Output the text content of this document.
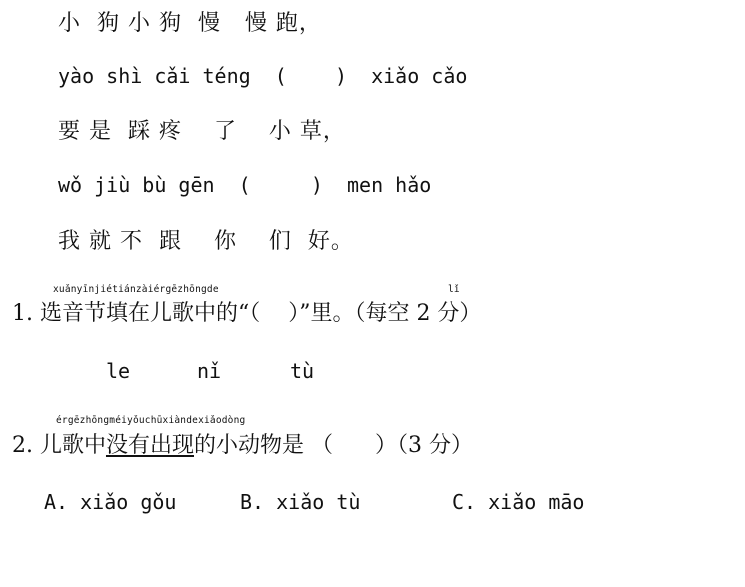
小  狗 小 狗  慢   慢 跑，
yào shì cǎi téng  (    )  xiǎo cǎo
要 是  踩 疼    了    小 草，
wǒ jiù bù gēn  (     )  men hǎo
我 就 不  跟    你    们  好。
xuǎnyīnjiétiánzàiérgēzhōngde	lǐ
1. 选音节填在儿歌中的“（    ）”里。（每空 2 分）
le	nǐ	tù
érgēzhōngméiyǒuchūxiàndexiǎodòng
2. 儿歌中没有出现的小动物是 （      ）（3 分）
A. xiǎo gǒu	B. xiǎo tù	C. xiǎo māo
